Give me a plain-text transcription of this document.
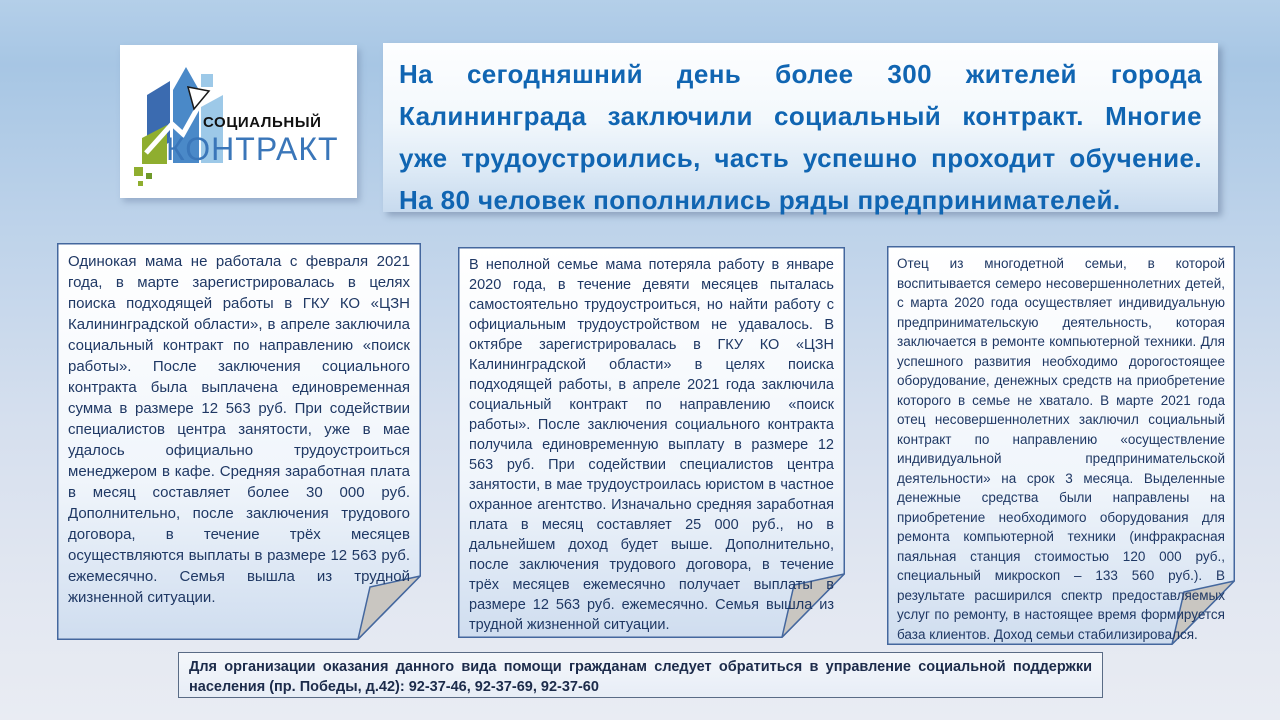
СОЦИАЛЬНЫЙ
КОНТРАКТ

На сегодняшний день более 300 жителей города Калининграда заключили социальный контракт. Многие уже трудоустроились, часть успешно проходит обучение. На 80 человек пополнились ряды предпринимателей.

Одинокая мама не работала с февраля 2021 года, в марте зарегистрировалась в целях поиска подходящей работы в ГКУ КО «ЦЗН Калининградской области», в апреле заключила социальный контракт по направлению «поиск работы». После заключения социального контракта была выплачена единовременная сумма в размере 12 563 руб. При содействии специалистов центра занятости, уже в мае удалось официально трудоустроиться менеджером в кафе. Средняя заработная плата в месяц составляет более 30 000 руб. Дополнительно, после заключения трудового договора, в течение трёх месяцев осуществляются выплаты в размере 12 563 руб. ежемесячно. Семья вышла из трудной жизненной ситуации.

В неполной семье мама потеряла работу в январе 2020 года, в течение девяти месяцев пыталась самостоятельно трудоустроиться, но найти работу с официальным трудоустройством не удавалось. В октябре зарегистрировалась в ГКУ КО «ЦЗН Калининградской области» в целях поиска подходящей работы, в апреле 2021 года заключила социальный контракт по направлению «поиск работы». После заключения социального контракта получила единовременную выплату в размере 12 563 руб. При содействии специалистов центра занятости, в мае трудоустроилась юристом в частное охранное агентство. Изначально средняя заработная плата в месяц составляет 25 000 руб., но в дальнейшем доход будет выше. Дополнительно, после заключения трудового договора, в течение трёх месяцев ежемесячно получает выплаты в размере 12 563 руб. ежемесячно. Семья вышла из трудной жизненной ситуации.

Отец из многодетной семьи, в которой воспитывается семеро несовершеннолетних детей, с марта 2020 года осуществляет индивидуальную предпринимательскую деятельность, которая заключается в ремонте компьютерной техники. Для успешного развития необходимо дорогостоящее оборудование, денежных средств на приобретение которого в семье не хватало. В марте 2021 года отец несовершеннолетних заключил социальный контракт по направлению «осуществление индивидуальной предпринимательской деятельности» на срок 3 месяца. Выделенные денежные средства были направлены на приобретение необходимого оборудования для ремонта компьютерной техники (инфракрасная паяльная станция стоимостью 120 000 руб., специальный микроскоп – 133 560 руб.). В результате расширился спектр предоставляемых услуг по ремонту, в настоящее время формируется база клиентов. Доход семьи стабилизировался.

Для организации оказания данного вида помощи гражданам следует обратиться в управление социальной поддержки населения (пр. Победы, д.42): 92-37-46, 92-37-69, 92-37-60
